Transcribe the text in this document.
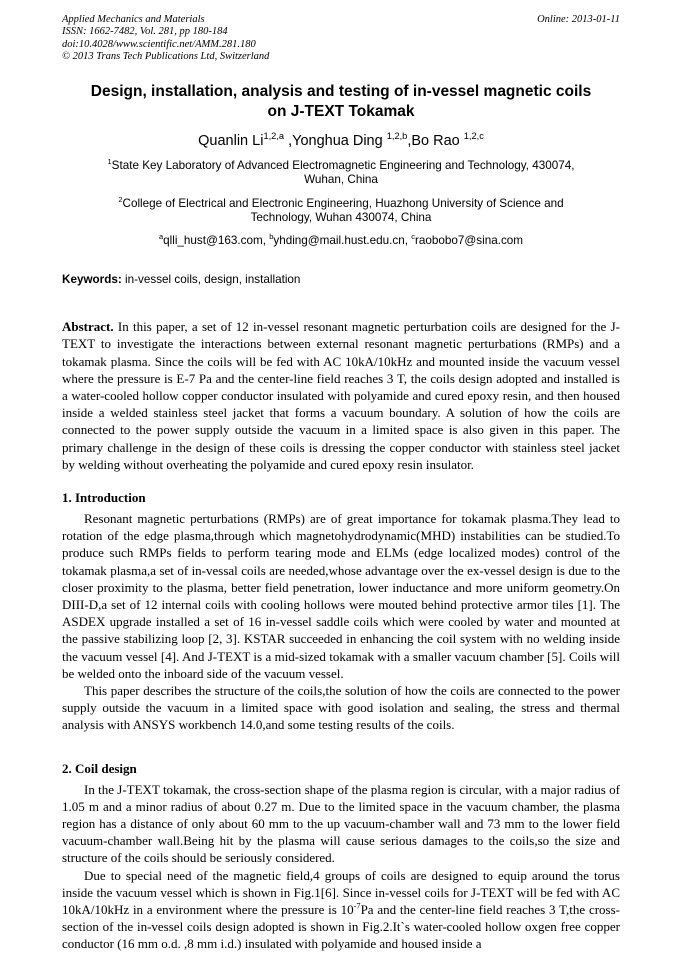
Applied Mechanics and Materials
ISSN: 1662-7482, Vol. 281, pp 180-184
doi:10.4028/www.scientific.net/AMM.281.180
© 2013 Trans Tech Publications Ltd, Switzerland
Online: 2013-01-11
Design, installation, analysis and testing of in-vessel magnetic coils
on J-TEXT Tokamak
Quanlin Li$^{1,2,a}$ ,Yonghua Ding $^{1,2,b}$,Bo Rao $^{1,2,c}$
$^1$State Key Laboratory of Advanced Electromagnetic Engineering and Technology, 430074, Wuhan, China
$^2$College of Electrical and Electronic Engineering, Huazhong University of Science and Technology, Wuhan 430074, China
$^a$qlli_hust@163.com, $^b$yhding@mail.hust.edu.cn, $^c$raobobo7@sina.com
Keywords: in-vessel coils, design, installation
Abstract. In this paper, a set of 12 in-vessel resonant magnetic perturbation coils are designed for the J-TEXT to investigate the interactions between external resonant magnetic perturbations (RMPs) and a tokamak plasma. Since the coils will be fed with AC 10kA/10kHz and mounted inside the vacuum vessel where the pressure is E-7 Pa and the center-line field reaches 3 T, the coils design adopted and installed is a water-cooled hollow copper conductor insulated with polyamide and cured epoxy resin, and then housed inside a welded stainless steel jacket that forms a vacuum boundary. A solution of how the coils are connected to the power supply outside the vacuum in a limited space is also given in this paper. The primary challenge in the design of these coils is dressing the copper conductor with stainless steel jacket by welding without overheating the polyamide and cured epoxy resin insulator.
1. Introduction

Resonant magnetic perturbations (RMPs) are of great importance for tokamak plasma.They lead to rotation of the edge plasma,through which magnetohydrodynamic(MHD) instabilities can be studied.To produce such RMPs fields to perform tearing mode and ELMs (edge localized modes) control of the tokamak plasma,a set of in-vessal coils are needed,whose advantage over the ex-vessel design is due to the closer proximity to the plasma, better field penetration, lower inductance and more uniform geometry.On DIII-D,a set of 12 internal coils with cooling hollows were mouted behind protective armor tiles [1]. The ASDEX upgrade installed a set of 16 in-vessel saddle coils which were cooled by water and mounted at the passive stabilizing loop [2, 3]. KSTAR succeeded in enhancing the coil system with no welding inside the vacuum vessel [4]. And J-TEXT is a mid-sized tokamak with a smaller vacuum chamber [5]. Coils will be welded onto the inboard side of the vacuum vessel.

This paper describes the structure of the coils,the solution of how the coils are connected to the power supply outside the vacuum in a limited space with good isolation and sealing, the stress and thermal analysis with ANSYS workbench 14.0,and some testing results of the coils.

2. Coil design

In the J-TEXT tokamak, the cross-section shape of the plasma region is circular, with a major radius of 1.05 m and a minor radius of about 0.27 m. Due to the limited space in the vacuum chamber, the plasma region has a distance of only about 60 mm to the up vacuum-chamber wall and 73 mm to the lower field vacuum-chamber wall.Being hit by the plasma will cause serious damages to the coils,so the size and structure of the coils should be seriously considered.

Due to special need of the magnetic field,4 groups of coils are designed to equip around the torus inside the vacuum vessel which is shown in Fig.1[6]. Since in-vessel coils for J-TEXT will be fed with AC 10kA/10kHz in a environment where the pressure is $10^{-7}Pa$ and the center-line field reaches 3 T,the cross-section of the in-vessel coils design adopted is shown in Fig.2.It`s water-cooled hollow oxgen free copper conductor (16 mm o.d. ,8 mm i.d.) insulated with polyamide and housed inside a
